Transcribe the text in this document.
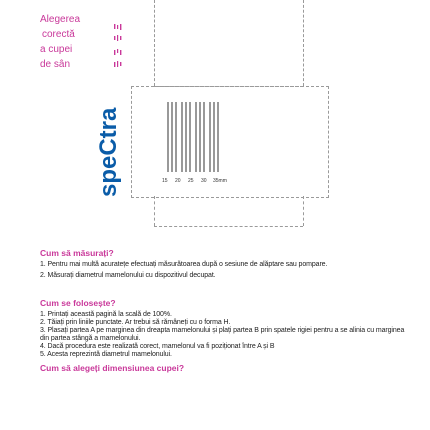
Alegerea
corectă
a cupei
de sân
speCtra	15 20 25 30 35mm
Cum să măsurați?
1. Pentru mai multă acuratețe efectuați măsurătoarea după o sesiune de alăptare sau pompare.
2. Măsurați diametrul mamelonului cu dispozitivul decupat.
Cum se folosește?
1. Printați această pagină la scală de 100%.
2. Tăiați prin liniile punctate. Ar trebui să rămâneți cu o forma H.
3. Plasați partea A pe marginea din dreapta mamelonului și plați partea B prin spatele rigiei pentru a se alinia cu marginea din partea stângă a mamelonului.
4. Dacă procedura este realizată corect, mamelonul va fi poziționat între A și B
5. Acesta reprezintă diametrul mamelonului.
Cum să alegeți dimensiunea cupei?
